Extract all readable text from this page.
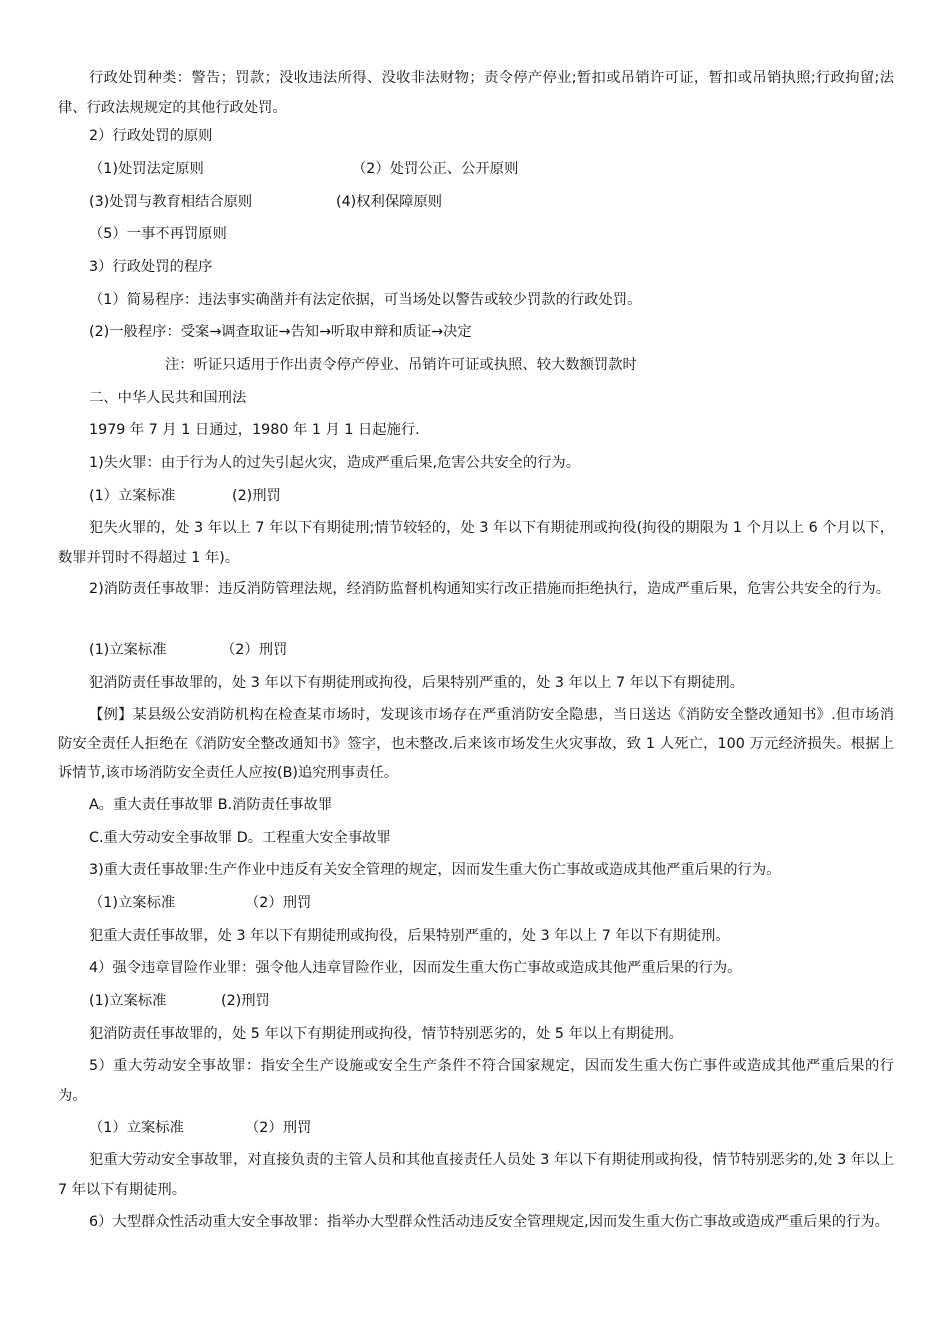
行政处罚种类：警告；罚款；没收违法所得、没收非法财物；责令停产停业;暂扣或吊销许可证，暂扣或吊销执照;行政拘留;法律、行政法规规定的其他行政处罚。
2）行政处罚的原则
（1)处罚法定原则	（2）处罚公正、公开原则
(3)处罚与教育相结合原则	(4)权利保障原则
（5）一事不再罚原则
3）行政处罚的程序
（1）简易程序：违法事实确凿并有法定依据，可当场处以警告或较少罚款的行政处罚。
(2)一般程序：受案→调查取证→告知→听取申辩和质证→决定
注：听证只适用于作出责令停产停业、吊销许可证或执照、较大数额罚款时
二、中华人民共和国刑法
1979 年 7 月 1 日通过，1980 年 1 月 1 日起施行.
1)失火罪：由于行为人的过失引起火灾，造成严重后果,危害公共安全的行为。
(1）立案标准	(2)刑罚
犯失火罪的，处 3 年以上 7 年以下有期徒刑;情节较轻的，处 3 年以下有期徒刑或拘役(拘役的期限为 1 个月以上 6 个月以下，数罪并罚时不得超过 1 年)。
2)消防责任事故罪：违反消防管理法规，经消防监督机构通知实行改正措施而拒绝执行，造成严重后果，危害公共安全的行为。
(1)立案标准	（2）刑罚
犯消防责任事故罪的，处 3 年以下有期徒刑或拘役，后果特别严重的，处 3 年以上 7 年以下有期徒刑。
【例】某县级公安消防机构在检查某市场时，发现该市场存在严重消防安全隐患，当日送达《消防安全整改通知书》.但市场消防安全责任人拒绝在《消防安全整改通知书》签字，也未整改.后来该市场发生火灾事故，致 1 人死亡，100 万元经济损失。根据上诉情节,该市场消防安全责任人应按(B)追究刑事责任。
A。重大责任事故罪 B.消防责任事故罪
C.重大劳动安全事故罪 D。工程重大安全事故罪
3)重大责任事故罪:生产作业中违反有关安全管理的规定，因而发生重大伤亡事故或造成其他严重后果的行为。
（1)立案标准	（2）刑罚
犯重大责任事故罪，处 3 年以下有期徒刑或拘役，后果特别严重的，处 3 年以上 7 年以下有期徒刑。
4）强令违章冒险作业罪：强令他人违章冒险作业，因而发生重大伤亡事故或造成其他严重后果的行为。
(1)立案标准	(2)刑罚
犯消防责任事故罪的，处 5 年以下有期徒刑或拘役，情节特别恶劣的，处 5 年以上有期徒刑。
5）重大劳动安全事故罪：指安全生产设施或安全生产条件不符合国家规定，因而发生重大伤亡事件或造成其他严重后果的行为。
（1）立案标准	（2）刑罚
犯重大劳动安全事故罪，对直接负责的主管人员和其他直接责任人员处 3 年以下有期徒刑或拘役，情节特别恶劣的,处 3 年以上 7 年以下有期徒刑。
6）大型群众性活动重大安全事故罪：指举办大型群众性活动违反安全管理规定,因而发生重大伤亡事故或造成严重后果的行为。
